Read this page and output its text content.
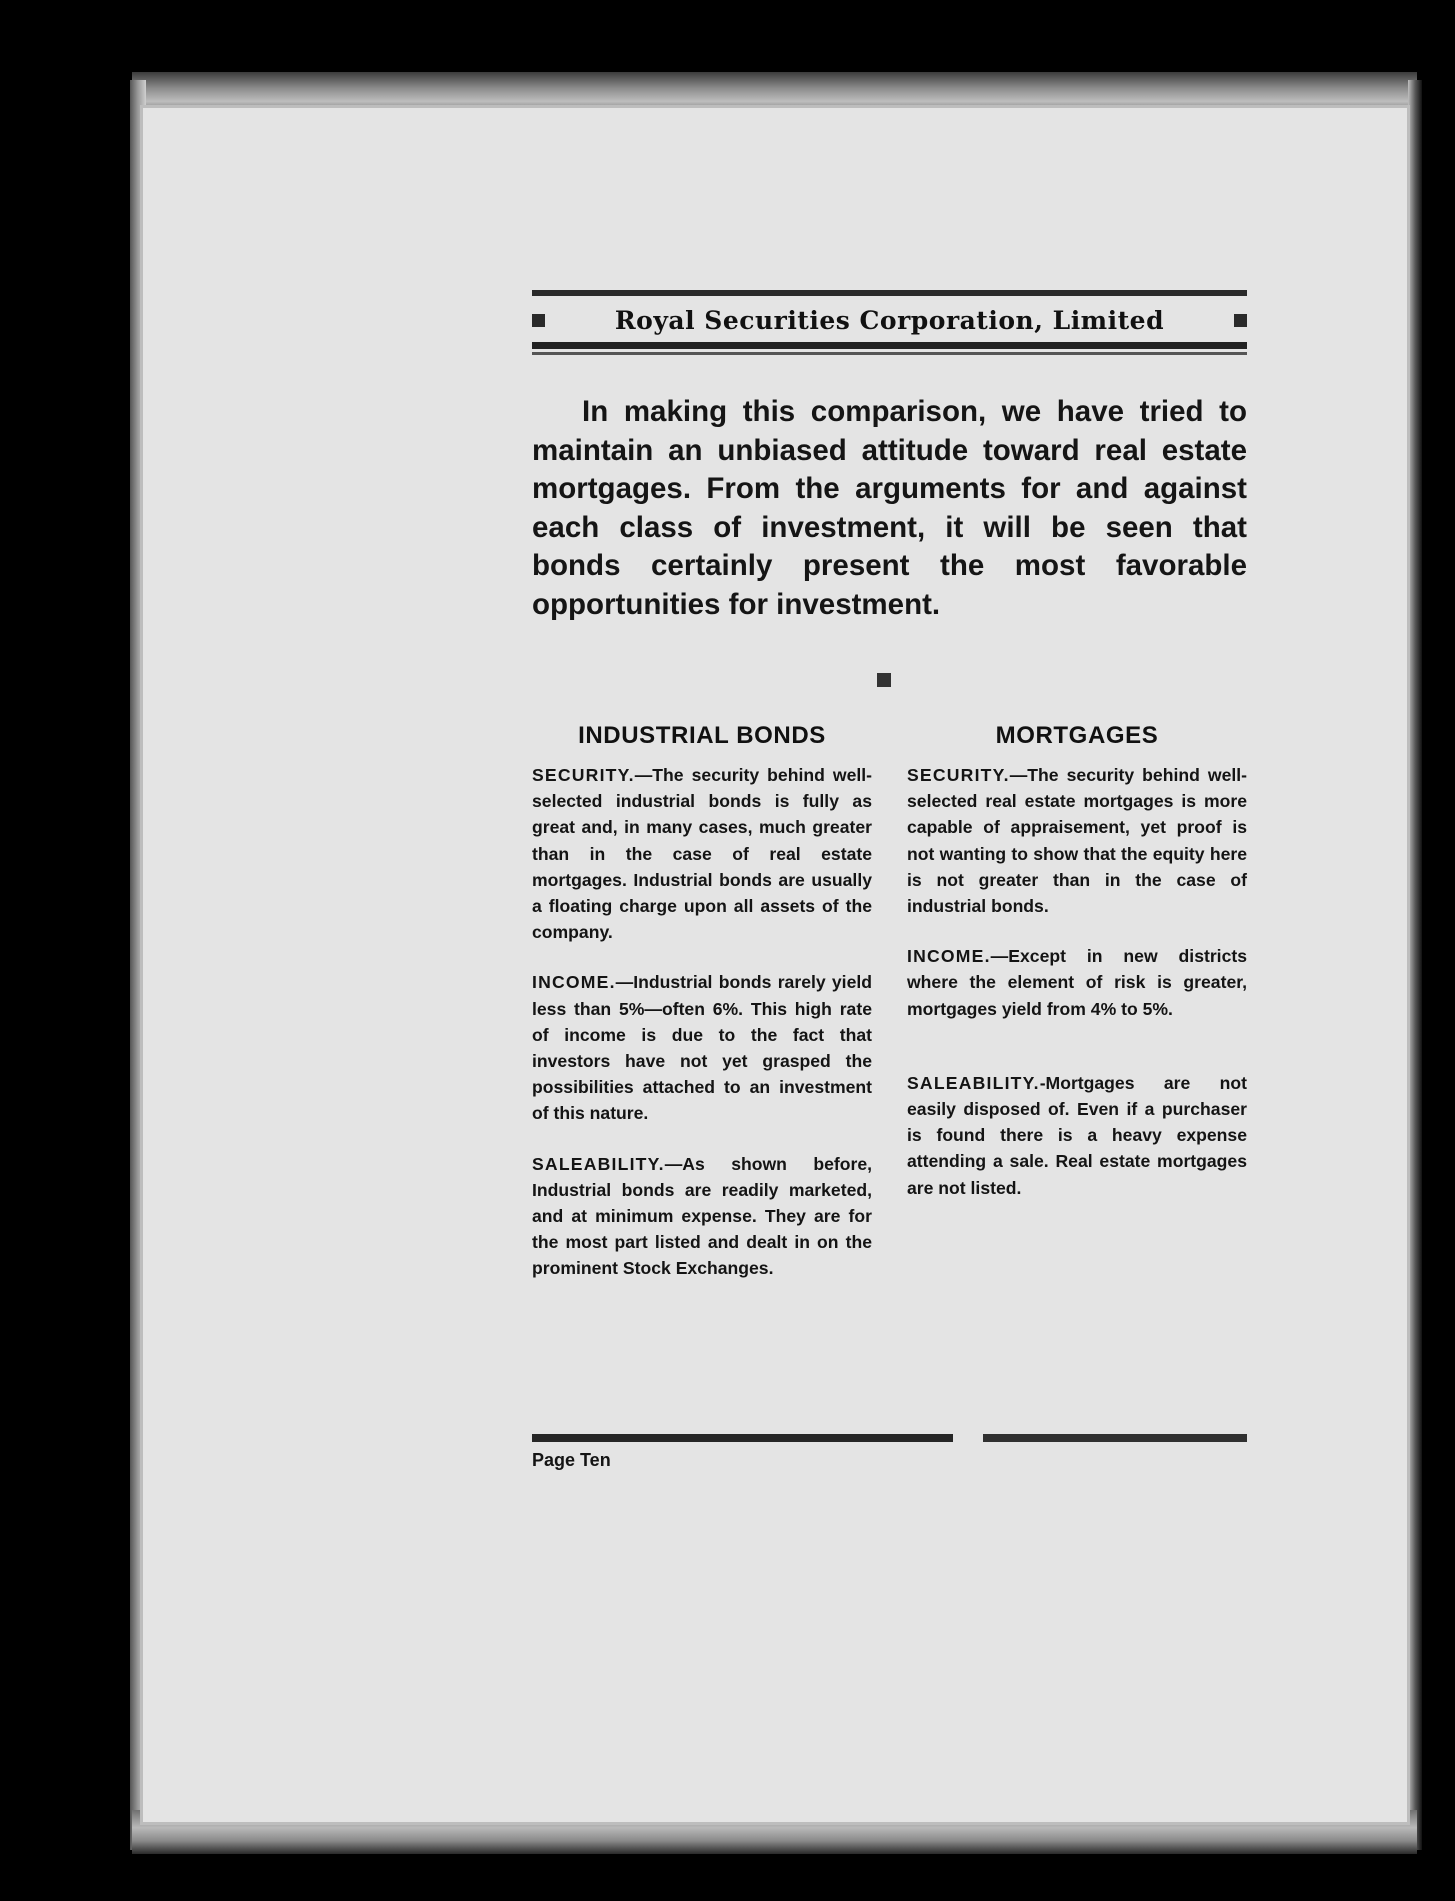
Royal Securities Corporation, Limited
In making this comparison, we have tried to maintain an unbiased attitude toward real estate mortgages. From the arguments for and against each class of investment, it will be seen that bonds certainly present the most favorable opportunities for investment.
INDUSTRIAL BONDS

SECURITY.—The security behind well-selected industrial bonds is fully as great and, in many cases, much greater than in the case of real estate mortgages. Industrial bonds are usually a floating charge upon all assets of the company.

INCOME.—Industrial bonds rarely yield less than 5%—often 6%. This high rate of income is due to the fact that investors have not yet grasped the possibilities attached to an investment of this nature.

SALEABILITY.—As shown before, Industrial bonds are readily marketed, and at minimum expense. They are for the most part listed and dealt in on the prominent Stock Exchanges.

MORTGAGES

SECURITY.—The security behind well-selected real estate mortgages is more capable of appraisement, yet proof is not wanting to show that the equity here is not greater than in the case of industrial bonds.

INCOME.—Except in new districts where the element of risk is greater, mortgages yield from 4% to 5%.

SALEABILITY.-Mortgages are not easily disposed of. Even if a purchaser is found there is a heavy expense attending a sale. Real estate mortgages are not listed.

Page Ten
